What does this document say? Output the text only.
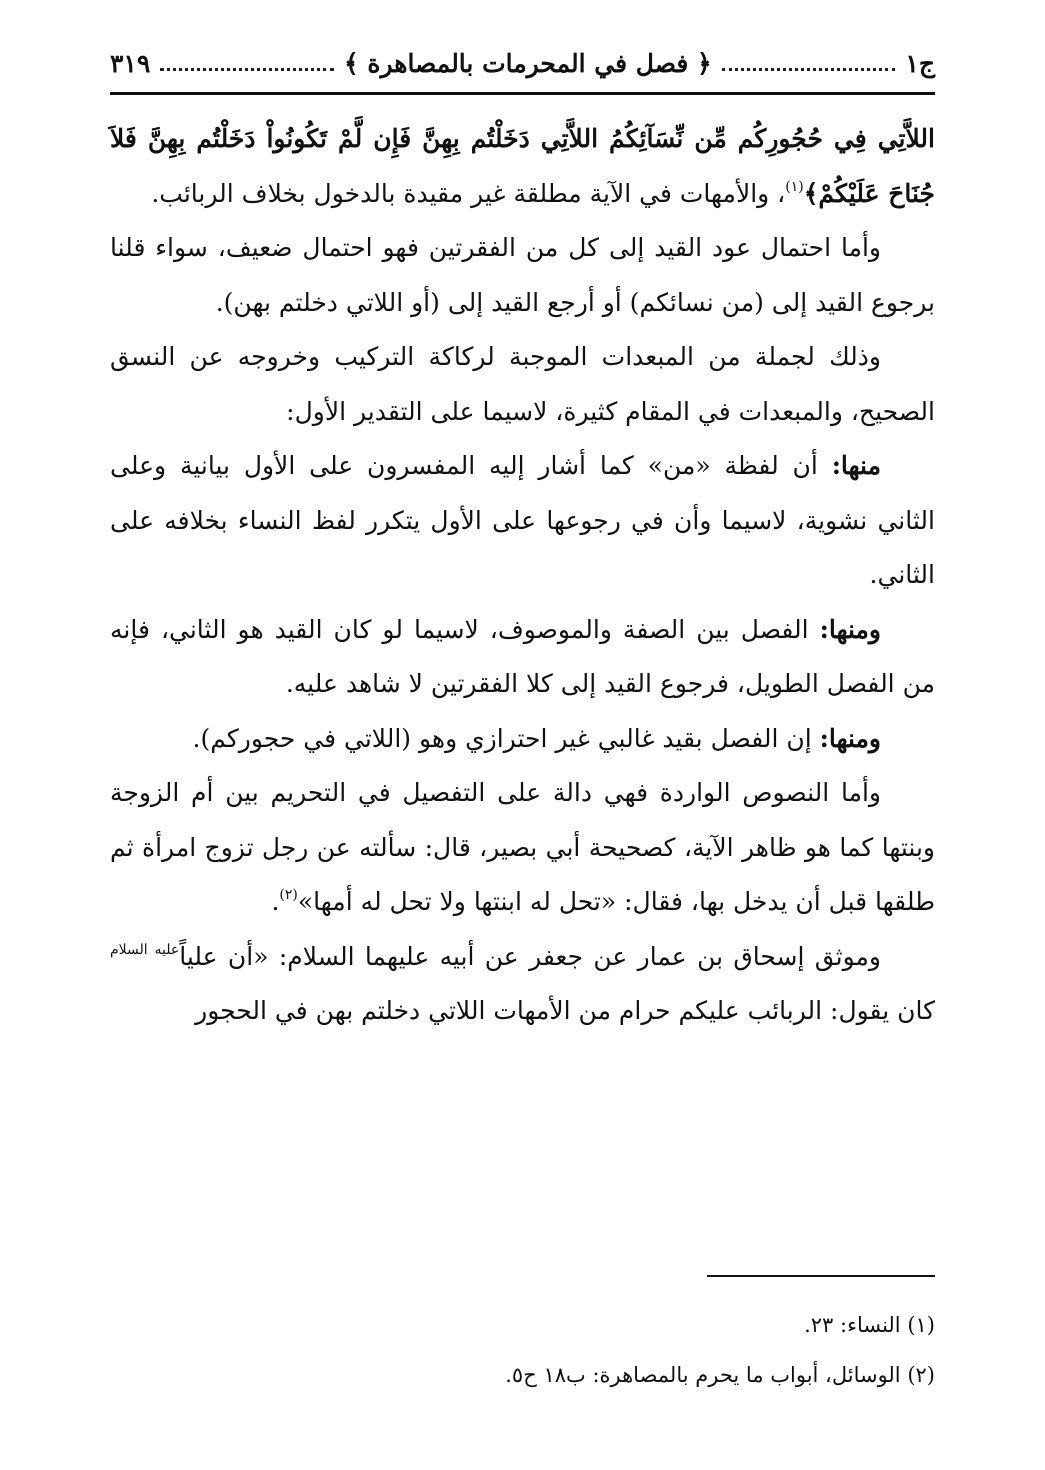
ج١
﴿ فصل في المحرمات بالمصاهرة ﴾
٣١٩

اللاَّتِي فِي حُجُورِكُم مِّن نِّسَآئِكُمُ اللاَّتِي دَخَلْتُم بِهِنَّ فَإِن لَّمْ تَكُونُواْ دَخَلْتُم بِهِنَّ فَلاَ جُنَاحَ عَلَيْكُمْ﴾$^{(١)}$، والأمهات في الآية مطلقة غير مقيدة بالدخول بخلاف الربائب.

وأما احتمال عود القيد إلى كل من الفقرتين فهو احتمال ضعيف، سواء قلنا برجوع القيد إلى (من نسائكم) أو أرجع القيد إلى (أو اللاتي دخلتم بهن).

وذلك لجملة من المبعدات الموجبة لركاكة التركيب وخروجه عن النسق الصحيح، والمبعدات في المقام كثيرة، لاسيما على التقدير الأول:

منها: أن لفظة «من» كما أشار إليه المفسرون على الأول بيانية وعلى الثاني نشوية، لاسيما وأن في رجوعها على الأول يتكرر لفظ النساء بخلافه على الثاني.

ومنها: الفصل بين الصفة والموصوف، لاسيما لو كان القيد هو الثاني، فإنه من الفصل الطويل، فرجوع القيد إلى كلا الفقرتين لا شاهد عليه.

ومنها: إن الفصل بقيد غالبي غير احترازي وهو (اللاتي في حجوركم).

وأما النصوص الواردة فهي دالة على التفصيل في التحريم بين أم الزوجة وبنتها كما هو ظاهر الآية، كصحيحة أبي بصير، قال: سألته عن رجل تزوج امرأة ثم طلقها قبل أن يدخل بها، فقال: «تحل له ابنتها ولا تحل له أمها»$^{(٢)}$.

وموثق إسحاق بن عمار عن جعفر عن أبيه عليهما السلام: «أن علياً$^{عليه السلام}$ كان يقول: الربائب عليكم حرام من الأمهات اللاتي دخلتم بهن في الحجور

(١) النساء: ٢٣.

(٢) الوسائل، أبواب ما يحرم بالمصاهرة: ب١٨ ح٥.
